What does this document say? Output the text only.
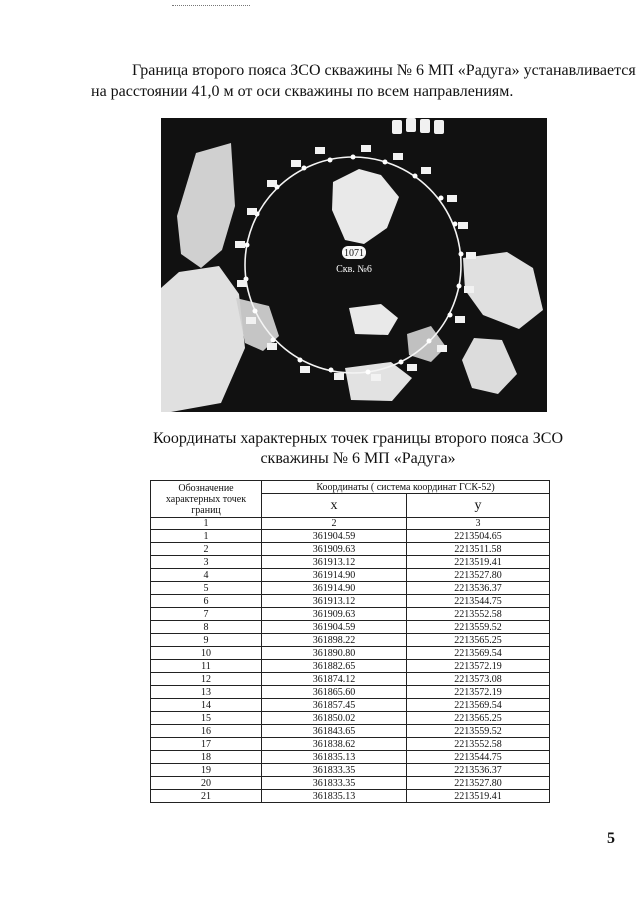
Граница второго пояса ЗСО скважины № 6 МП «Радуга» устанавливается
на расстоянии 41,0 м от оси скважины по всем направлениям.
1071
Скв. №6
Координаты характерных точек границы второго пояса ЗСО
скважины № 6 МП «Радуга»
Обозначение характерных точек границ	Координаты ( система координат ГСК-52)	
	x	y
1	2	3
1	361904.59	2213504.65
2	361909.63	2213511.58
3	361913.12	2213519.41
4	361914.90	2213527.80
5	361914.90	2213536.37
6	361913.12	2213544.75
7	361909.63	2213552.58
8	361904.59	2213559.52
9	361898.22	2213565.25
10	361890.80	2213569.54
11	361882.65	2213572.19
12	361874.12	2213573.08
13	361865.60	2213572.19
14	361857.45	2213569.54
15	361850.02	2213565.25
16	361843.65	2213559.52
17	361838.62	2213552.58
18	361835.13	2213544.75
19	361833.35	2213536.37
20	361833.35	2213527.80
21	361835.13	2213519.41
5
